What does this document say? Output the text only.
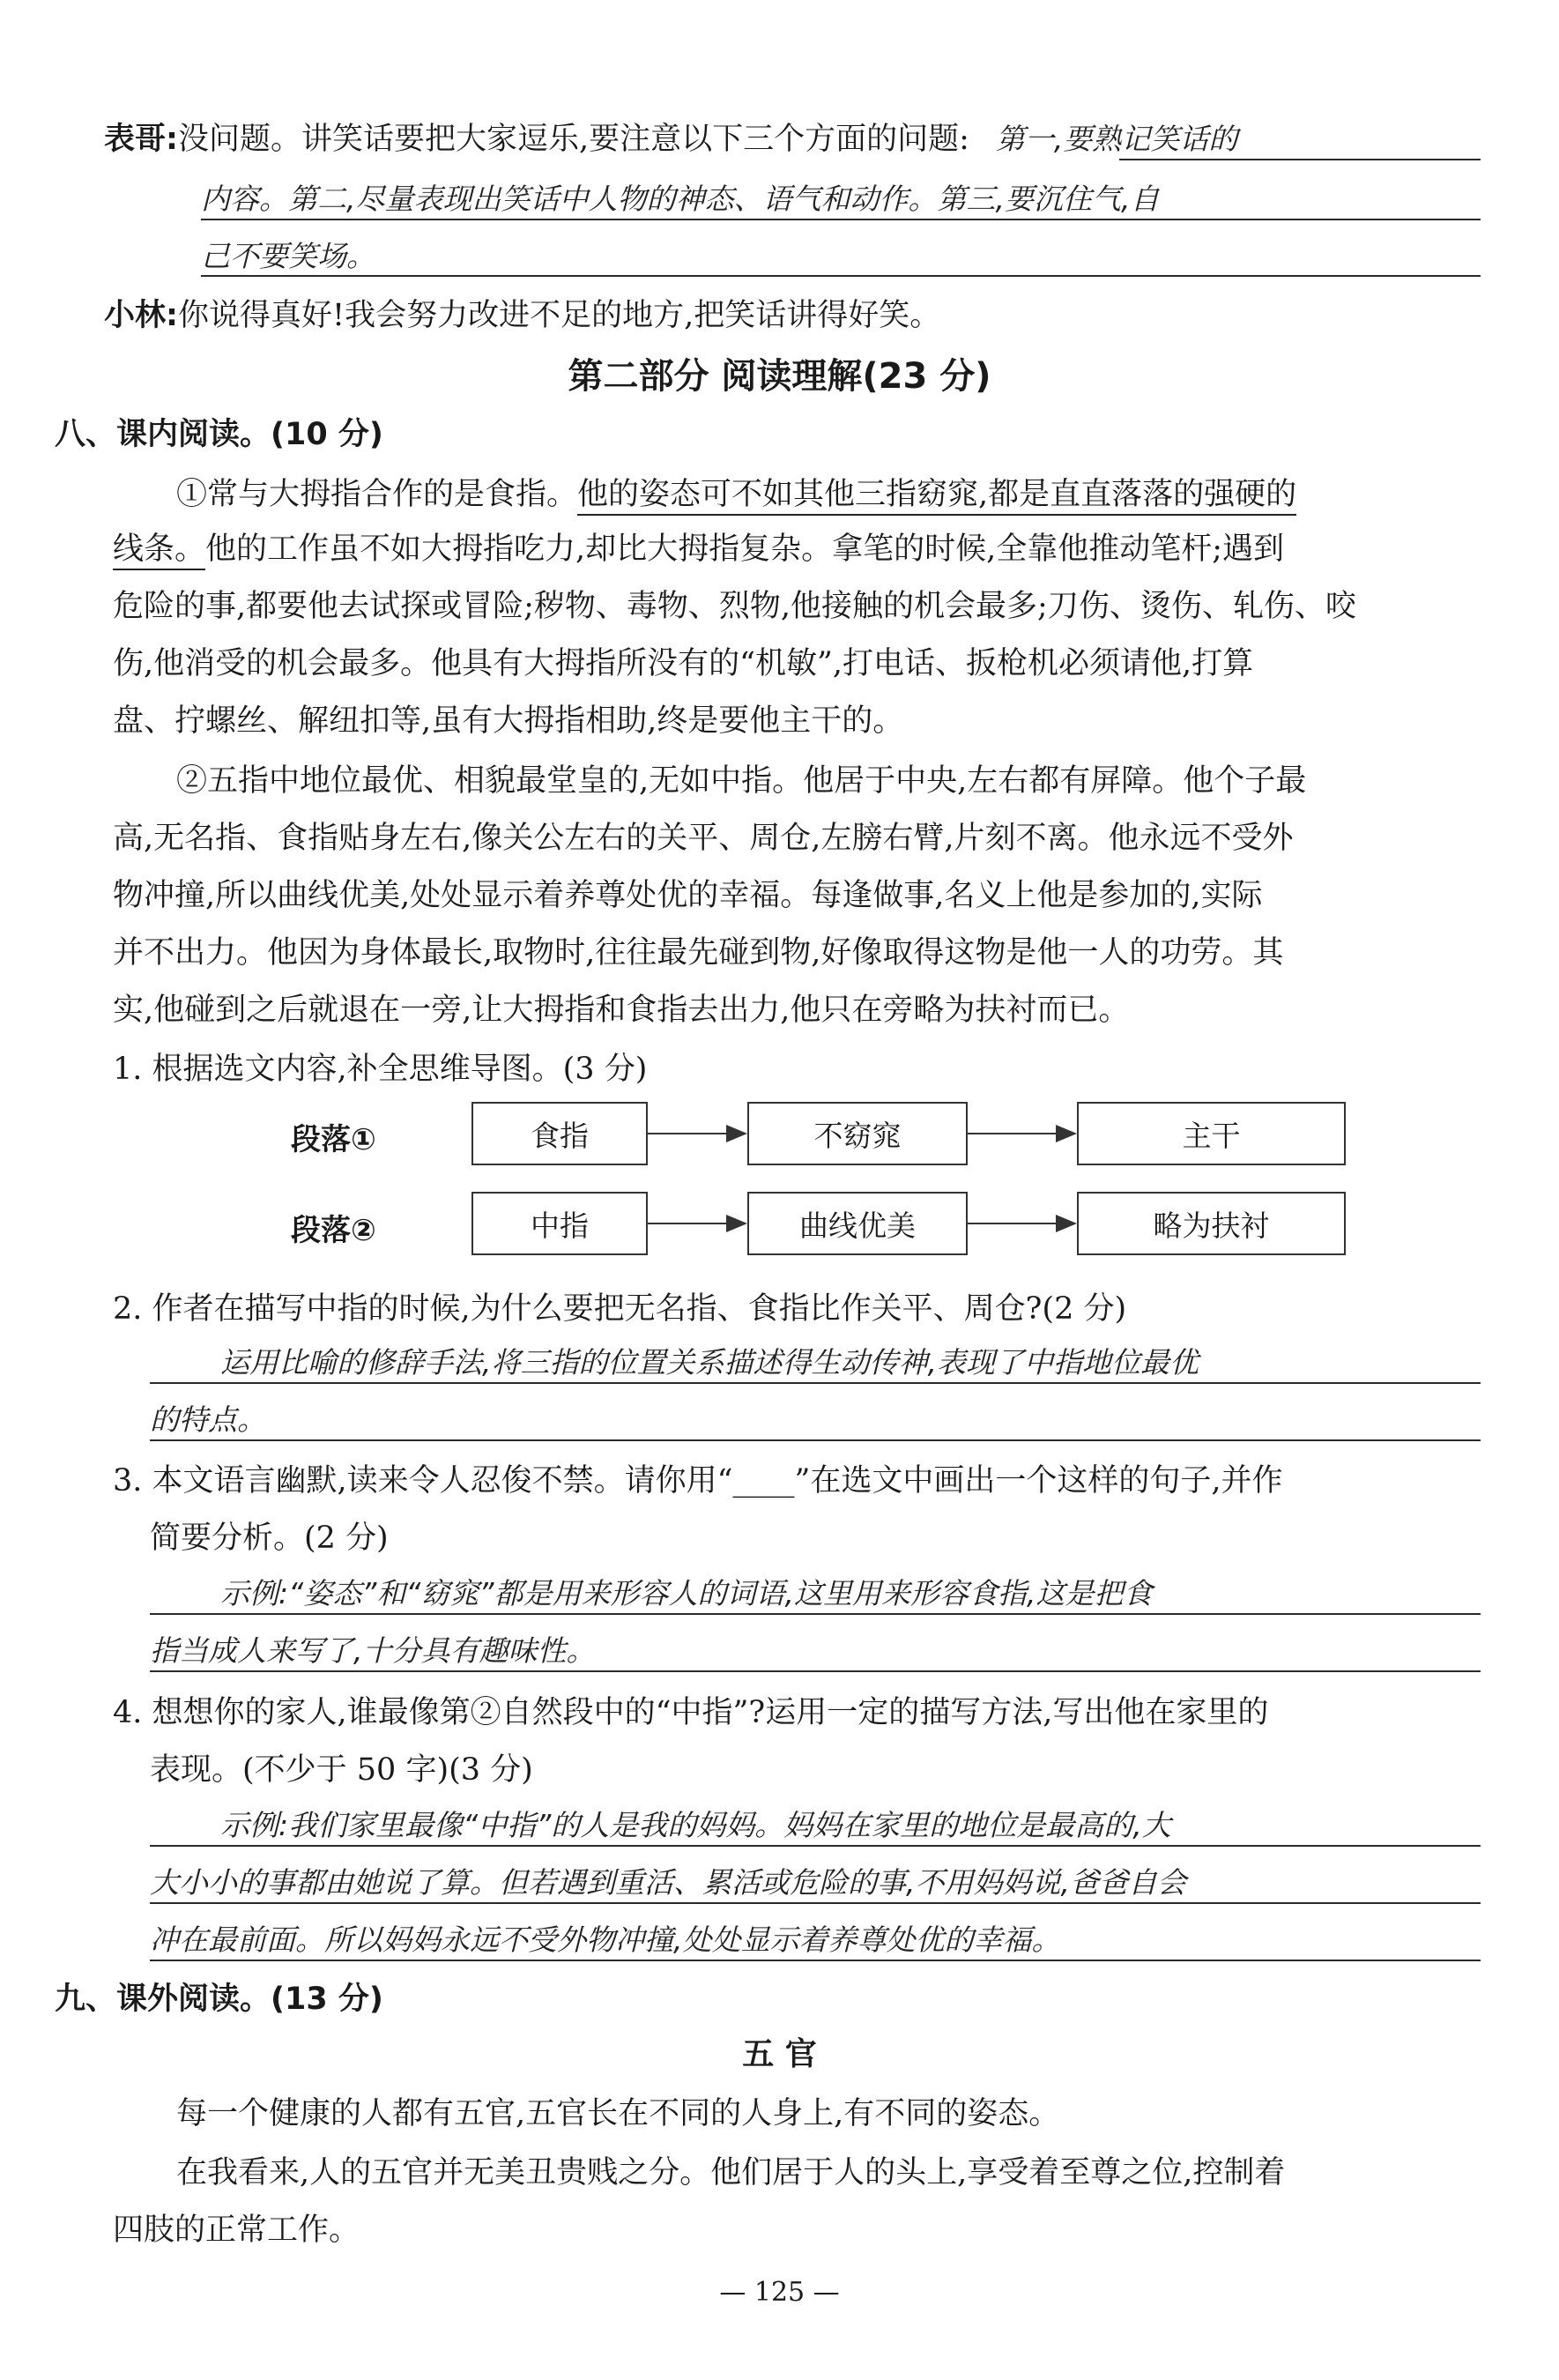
表哥:没问题。讲笑话要把大家逗乐,要注意以下三个方面的问题: 第一,要熟记笑话的
内容。第二,尽量表现出笑话中人物的神态、语气和动作。第三,要沉住气,自
己不要笑场。
小林:你说得真好!我会努力改进不足的地方,把笑话讲得好笑。
第二部分 阅读理解(23 分)
八、课内阅读。(10 分)
①常与大拇指合作的是食指。他的姿态可不如其他三指窈窕,都是直直落落的强硬的
线条。他的工作虽不如大拇指吃力,却比大拇指复杂。拿笔的时候,全靠他推动笔杆;遇到
危险的事,都要他去试探或冒险;秽物、毒物、烈物,他接触的机会最多;刀伤、烫伤、轧伤、咬
伤,他消受的机会最多。他具有大拇指所没有的“机敏”,打电话、扳枪机必须请他,打算
盘、拧螺丝、解纽扣等,虽有大拇指相助,终是要他主干的。
②五指中地位最优、相貌最堂皇的,无如中指。他居于中央,左右都有屏障。他个子最
高,无名指、食指贴身左右,像关公左右的关平、周仓,左膀右臂,片刻不离。他永远不受外
物冲撞,所以曲线优美,处处显示着养尊处优的幸福。每逢做事,名义上他是参加的,实际
并不出力。他因为身体最长,取物时,往往最先碰到物,好像取得这物是他一人的功劳。其
实,他碰到之后就退在一旁,让大拇指和食指去出力,他只在旁略为扶衬而已。
1. 根据选文内容,补全思维导图。(3 分)
段落①	食指	不窈窕	主干
段落②	中指	曲线优美	略为扶衬
2. 作者在描写中指的时候,为什么要把无名指、食指比作关平、周仓?(2 分)
运用比喻的修辞手法,将三指的位置关系描述得生动传神,表现了中指地位最优
的特点。
3. 本文语言幽默,读来令人忍俊不禁。请你用“____”在选文中画出一个这样的句子,并作
简要分析。(2 分)
示例:“姿态”和“窈窕”都是用来形容人的词语,这里用来形容食指,这是把食
指当成人来写了,十分具有趣味性。
4. 想想你的家人,谁最像第②自然段中的“中指”?运用一定的描写方法,写出他在家里的
表现。(不少于 50 字)(3 分)
示例:我们家里最像“中指”的人是我的妈妈。妈妈在家里的地位是最高的,大
大小小的事都由她说了算。但若遇到重活、累活或危险的事,不用妈妈说,爸爸自会
冲在最前面。所以妈妈永远不受外物冲撞,处处显示着养尊处优的幸福。
九、课外阅读。(13 分)
五 官
每一个健康的人都有五官,五官长在不同的人身上,有不同的姿态。
在我看来,人的五官并无美丑贵贱之分。他们居于人的头上,享受着至尊之位,控制着
四肢的正常工作。
— 125 —
